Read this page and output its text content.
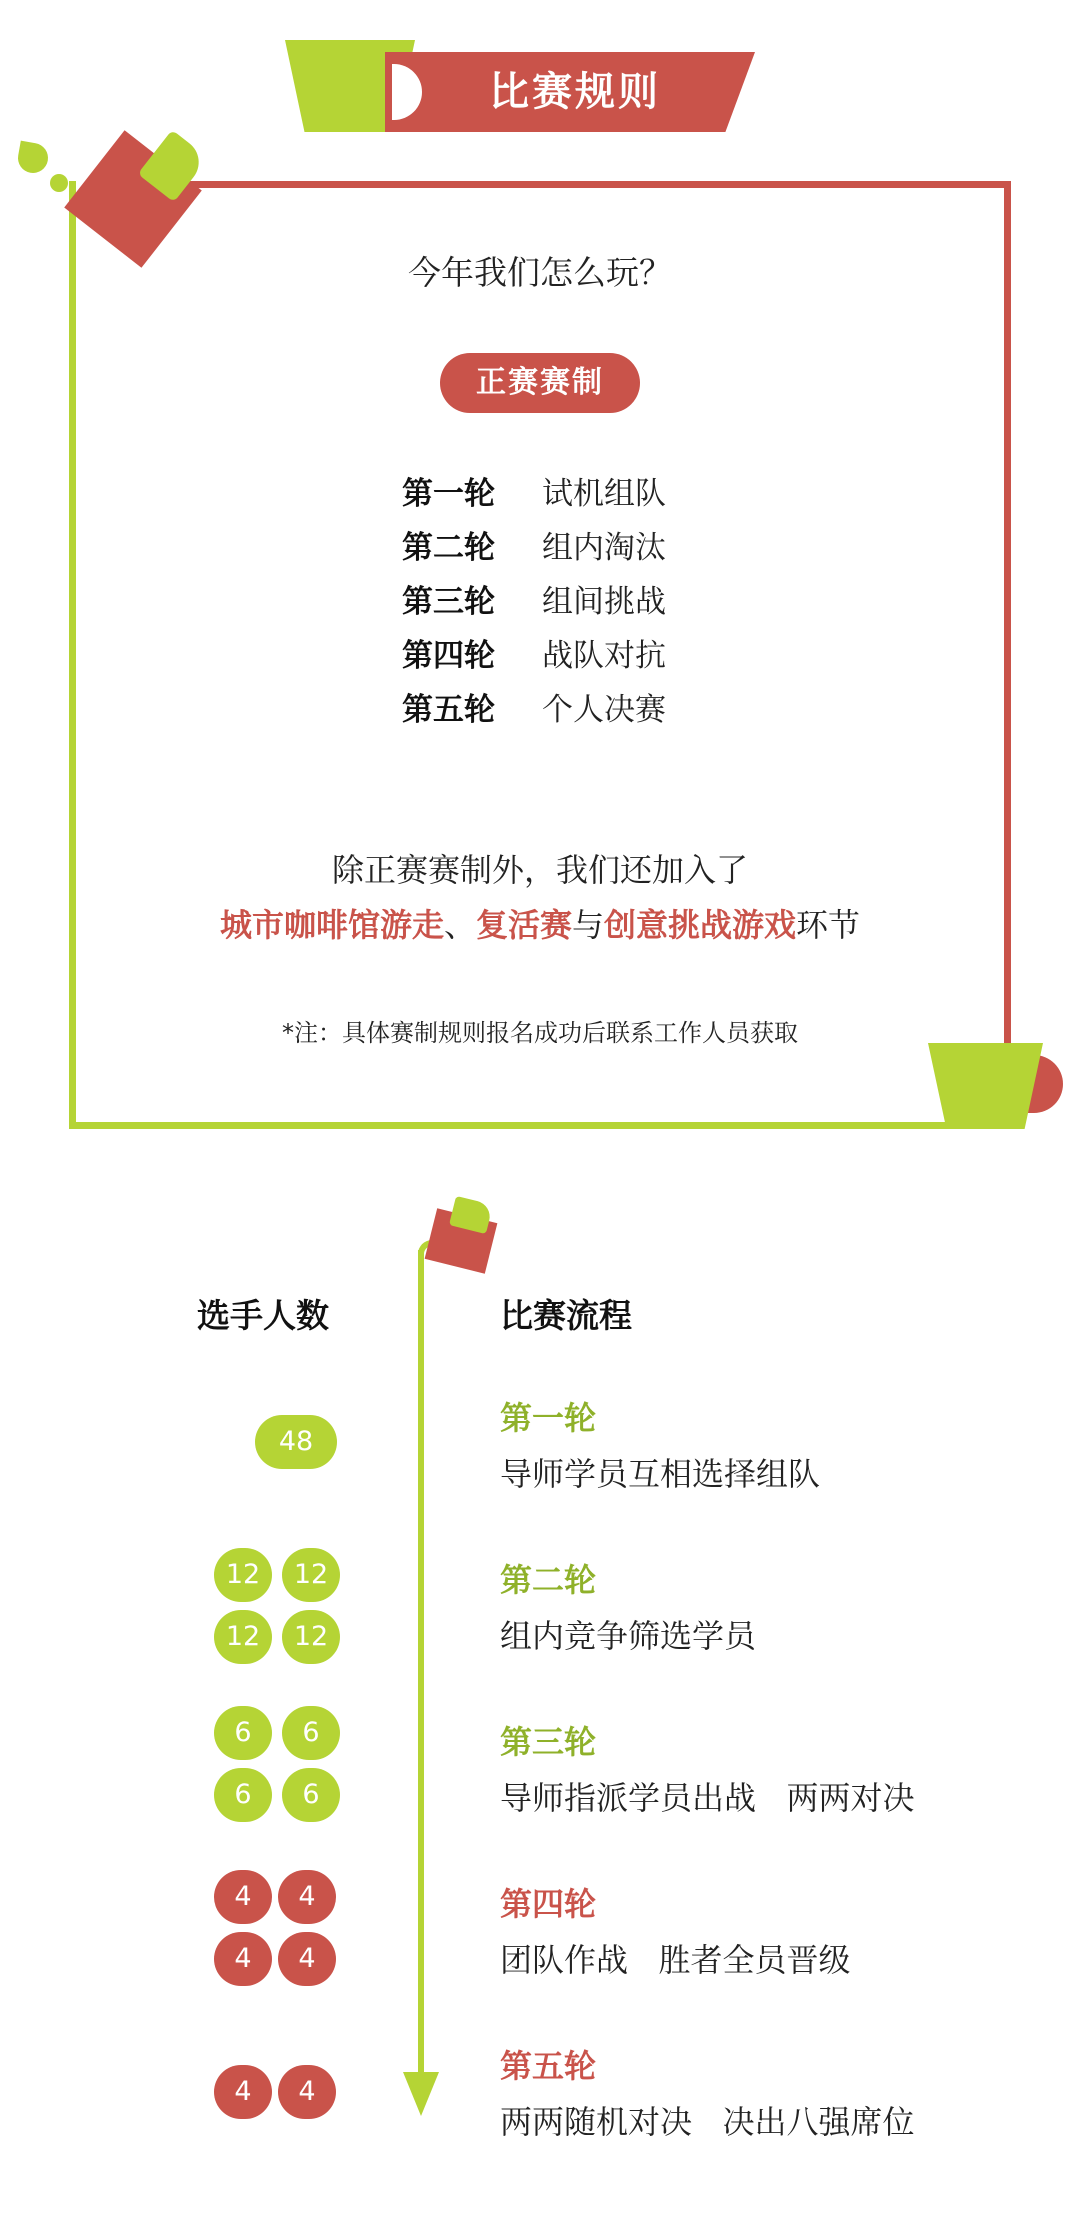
比赛规则
今年我们怎么玩？
正赛赛制
第一轮 试机组队
第二轮 组内淘汰
第三轮 组间挑战
第四轮 战队对抗
第五轮 个人决赛
除正赛赛制外，我们还加入了
城市咖啡馆游走、复活赛与创意挑战游戏环节
*注：具体赛制规则报名成功后联系工作人员获取
选手人数	比赛流程
48
第一轮
导师学员互相选择组队
12	12
12	12
第二轮
组内竞争筛选学员
6	6
6	6
第三轮
导师指派学员出战   两两对决
4	4
4	4
第四轮
团队作战   胜者全员晋级
4	4
第五轮
两两随机对决   决出八强席位
